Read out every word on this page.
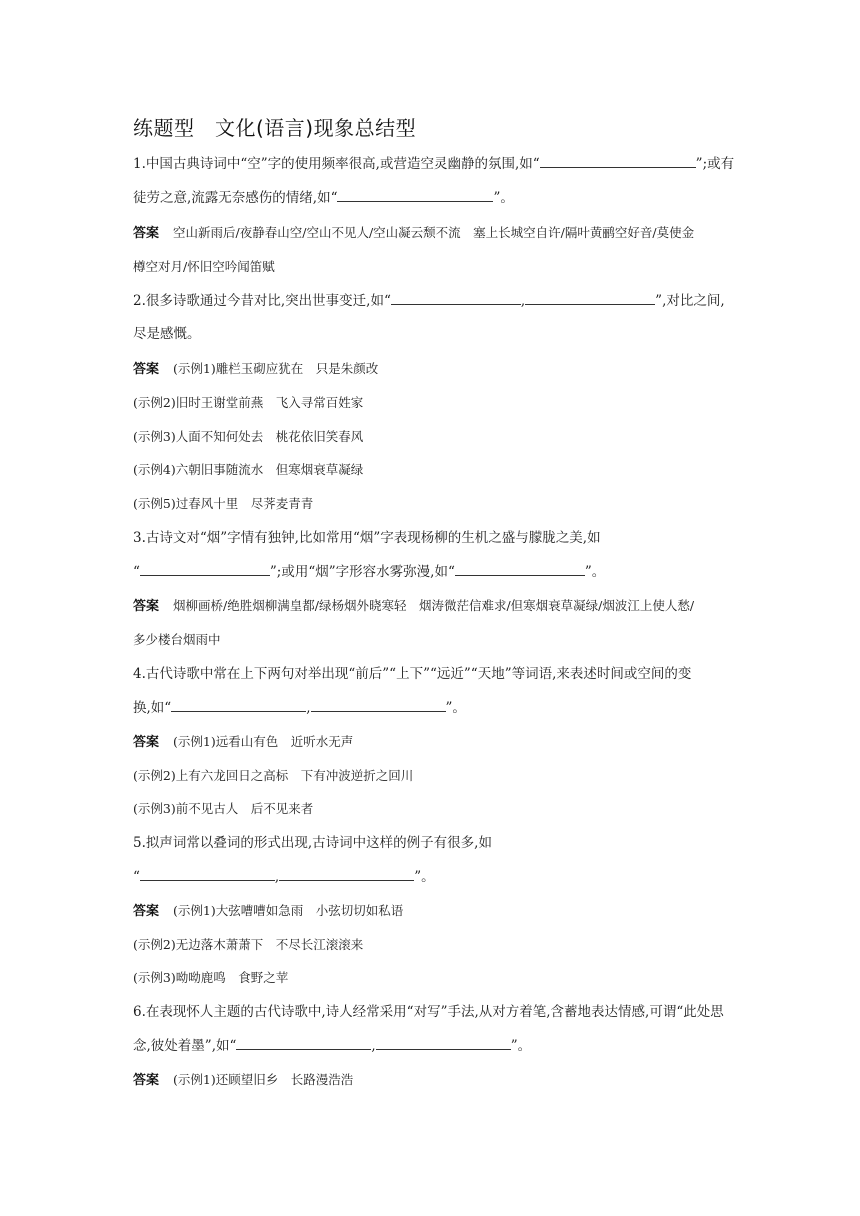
练题型　文化(语言)现象总结型
1.中国古典诗词中“空”字的使用频率很高,或营造空灵幽静的氛围,如“	”;或有
徒劳之意,流露无奈感伤的情绪,如“	”。
答案 空山新雨后/夜静春山空/空山不见人/空山凝云颓不流　塞上长城空自许/隔叶黄鹂空好音/莫使金
樽空对月/怀旧空吟闻笛赋
2.很多诗歌通过今昔对比,突出世事变迁,如“	,	”,对比之间,
尽是感慨。
答案 (示例1)雕栏玉砌应犹在　只是朱颜改
(示例2)旧时王谢堂前燕　飞入寻常百姓家
(示例3)人面不知何处去　桃花依旧笑春风
(示例4)六朝旧事随流水　但寒烟衰草凝绿
(示例5)过春风十里　尽荠麦青青
3.古诗文对“烟”字情有独钟,比如常用“烟”字表现杨柳的生机之盛与朦胧之美,如
“	”;或用“烟”字形容水雾弥漫,如“	”。
答案 烟柳画桥/绝胜烟柳满皇都/绿杨烟外晓寒轻　烟涛微茫信难求/但寒烟衰草凝绿/烟波江上使人愁/
多少楼台烟雨中
4.古代诗歌中常在上下两句对举出现“前后”“上下”“远近”“天地”等词语,来表述时间或空间的变
换,如“	,	”。
答案 (示例1)远看山有色　近听水无声
(示例2)上有六龙回日之高标　下有冲波逆折之回川
(示例3)前不见古人　后不见来者
5.拟声词常以叠词的形式出现,古诗词中这样的例子有很多,如
“	,	”。
答案 (示例1)大弦嘈嘈如急雨　小弦切切如私语
(示例2)无边落木萧萧下　不尽长江滚滚来
(示例3)呦呦鹿鸣　食野之苹
6.在表现怀人主题的古代诗歌中,诗人经常采用“对写”手法,从对方着笔,含蓄地表达情感,可谓“此处思
念,彼处着墨”,如“	,	”。
答案 (示例1)还顾望旧乡　长路漫浩浩
